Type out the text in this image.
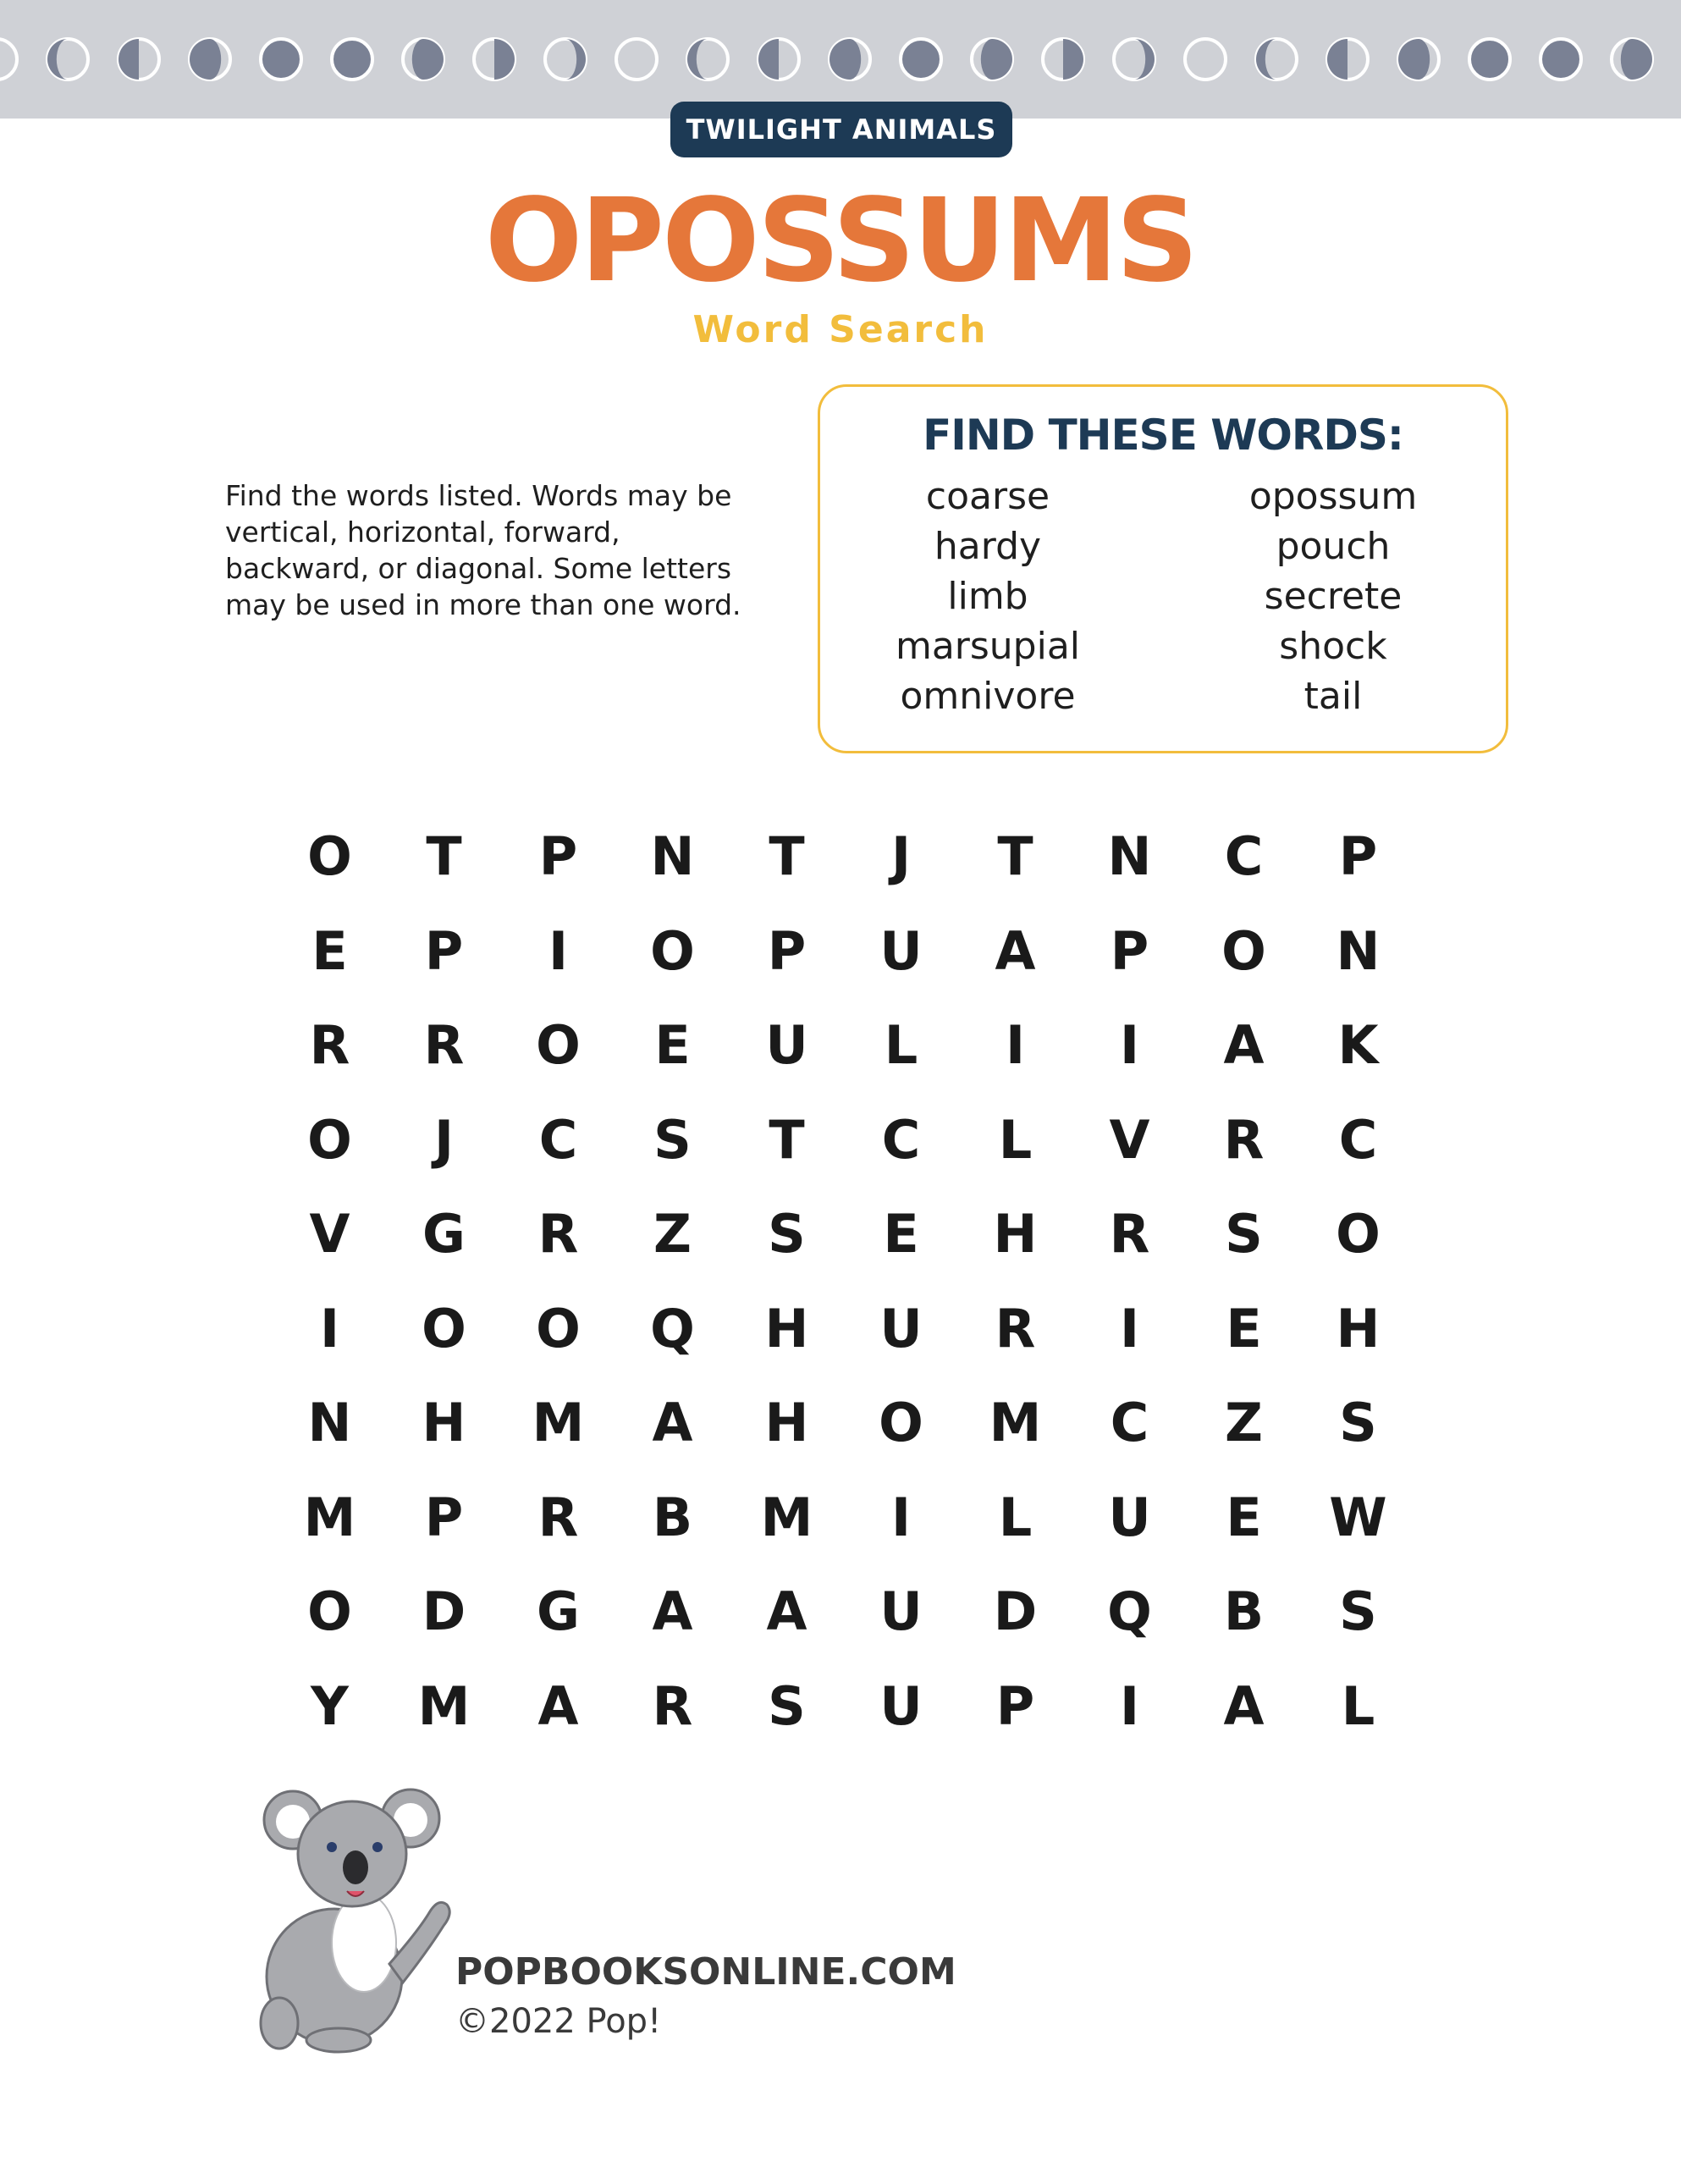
TWILIGHT ANIMALS
OPOSSUMS
Word Search
Find the words listed. Words may be vertical, horizontal, forward, backward, or diagonal. Some letters may be used in more than one word.
FIND THESE WORDS:
coarse
hardy
limb
marsupial
omnivore
opossum
pouch
secrete
shock
tail
O	T	P	N	T	J	T	N	C	P
E	P	I	O	P	U	A	P	O	N
R	R	O	E	U	L	I	I	A	K
O	J	C	S	T	C	L	V	R	C
V	G	R	Z	S	E	H	R	S	O
I	O	O	Q	H	U	R	I	E	H
N	H	M	A	H	O	M	C	Z	S
M	P	R	B	M	I	L	U	E	W
O	D	G	A	A	U	D	Q	B	S
Y	M	A	R	S	U	P	I	A	L
POPBOOKSONLINE.COM
©2022 Pop!
